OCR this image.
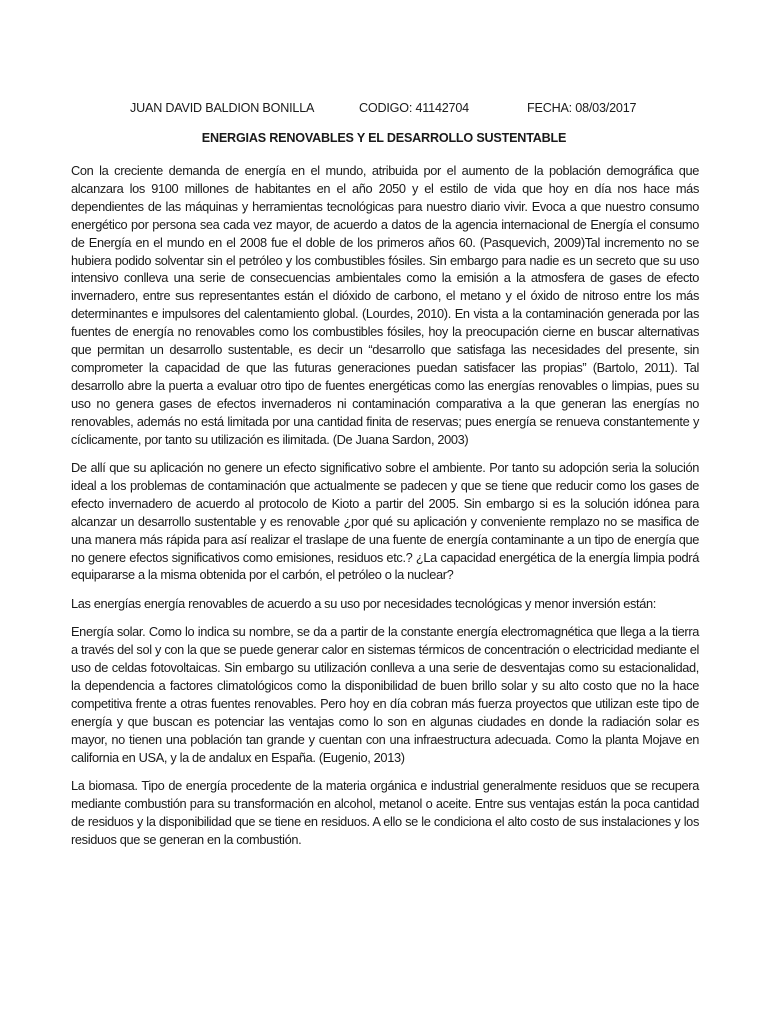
JUAN DAVID BALDION BONILLA	CODIGO: 41142704	FECHA: 08/03/2017
ENERGIAS RENOVABLES Y EL DESARROLLO SUSTENTABLE

Con la creciente demanda de energía en el mundo, atribuida por el aumento de la población demográfica que alcanzara los 9100 millones de habitantes en el año 2050 y el estilo de vida que hoy en día nos hace más dependientes de las máquinas y herramientas tecnológicas para nuestro diario vivir. Evoca a que nuestro consumo energético por persona sea cada vez mayor, de acuerdo a datos de la agencia internacional de Energía el consumo de Energía en el mundo en el 2008 fue el doble de los primeros años 60. (Pasquevich, 2009)Tal incremento no se hubiera podido solventar sin el petróleo y los combustibles fósiles. Sin embargo para nadie es un secreto que su uso intensivo conlleva una serie de consecuencias ambientales como la emisión a la atmosfera de gases de efecto invernadero, entre sus representantes están el dióxido de carbono, el metano y el óxido de nitroso entre los más determinantes e impulsores del calentamiento global. (Lourdes, 2010). En vista a la contaminación generada por las fuentes de energía no renovables como los combustibles fósiles, hoy la preocupación cierne en buscar alternativas que permitan un desarrollo sustentable, es decir un “desarrollo que satisfaga las necesidades del presente, sin comprometer la capacidad de que las futuras generaciones puedan satisfacer las propias” (Bartolo, 2011). Tal desarrollo abre la puerta a evaluar otro tipo de fuentes energéticas como las energías renovables o limpias, pues su uso no genera gases de efectos invernaderos ni contaminación comparativa a la que generan las energías no renovables, además no está limitada por una cantidad finita de reservas; pues energía se renueva constantemente y cíclicamente, por tanto su utilización es ilimitada. (De Juana Sardon, 2003)

De allí que su aplicación no genere un efecto significativo sobre el ambiente. Por tanto su adopción seria la solución ideal a los problemas de contaminación que actualmente se padecen y que se tiene que reducir como los gases de efecto invernadero de acuerdo al protocolo de Kioto a partir del 2005. Sin embargo si es la solución idónea para alcanzar un desarrollo sustentable y es renovable ¿por qué su aplicación y conveniente remplazo no se masifica de una manera más rápida para así realizar el traslape de una fuente de energía contaminante a un tipo de energía que no genere efectos significativos como emisiones, residuos etc.? ¿La capacidad energética de la energía limpia podrá equipararse a la misma obtenida por el carbón, el petróleo o la nuclear?

Las energías energía renovables de acuerdo a su uso por necesidades tecnológicas y menor inversión están:

Energía solar. Como lo indica su nombre, se da a partir de la constante energía electromagnética que llega a la tierra a través del sol y con la que se puede generar calor en sistemas térmicos de concentración o electricidad mediante el uso de celdas fotovoltaicas. Sin embargo su utilización conlleva a una serie de desventajas como su estacionalidad, la dependencia a factores climatológicos como la disponibilidad de buen brillo solar y su alto costo que no la hace competitiva frente a otras fuentes renovables. Pero hoy en día cobran más fuerza proyectos que utilizan este tipo de energía y que buscan es potenciar las ventajas como lo son en algunas ciudades en donde la radiación solar es mayor, no tienen una población tan grande y cuentan con una infraestructura adecuada. Como la planta Mojave en california en USA, y la de andalux en España. (Eugenio, 2013)

La biomasa. Tipo de energía procedente de la materia orgánica e industrial generalmente residuos que se recupera mediante combustión para su transformación en alcohol, metanol o aceite. Entre sus ventajas están la poca cantidad de residuos y la disponibilidad que se tiene en residuos. A ello se le condiciona el alto costo de sus instalaciones y los residuos que se generan en la combustión.
